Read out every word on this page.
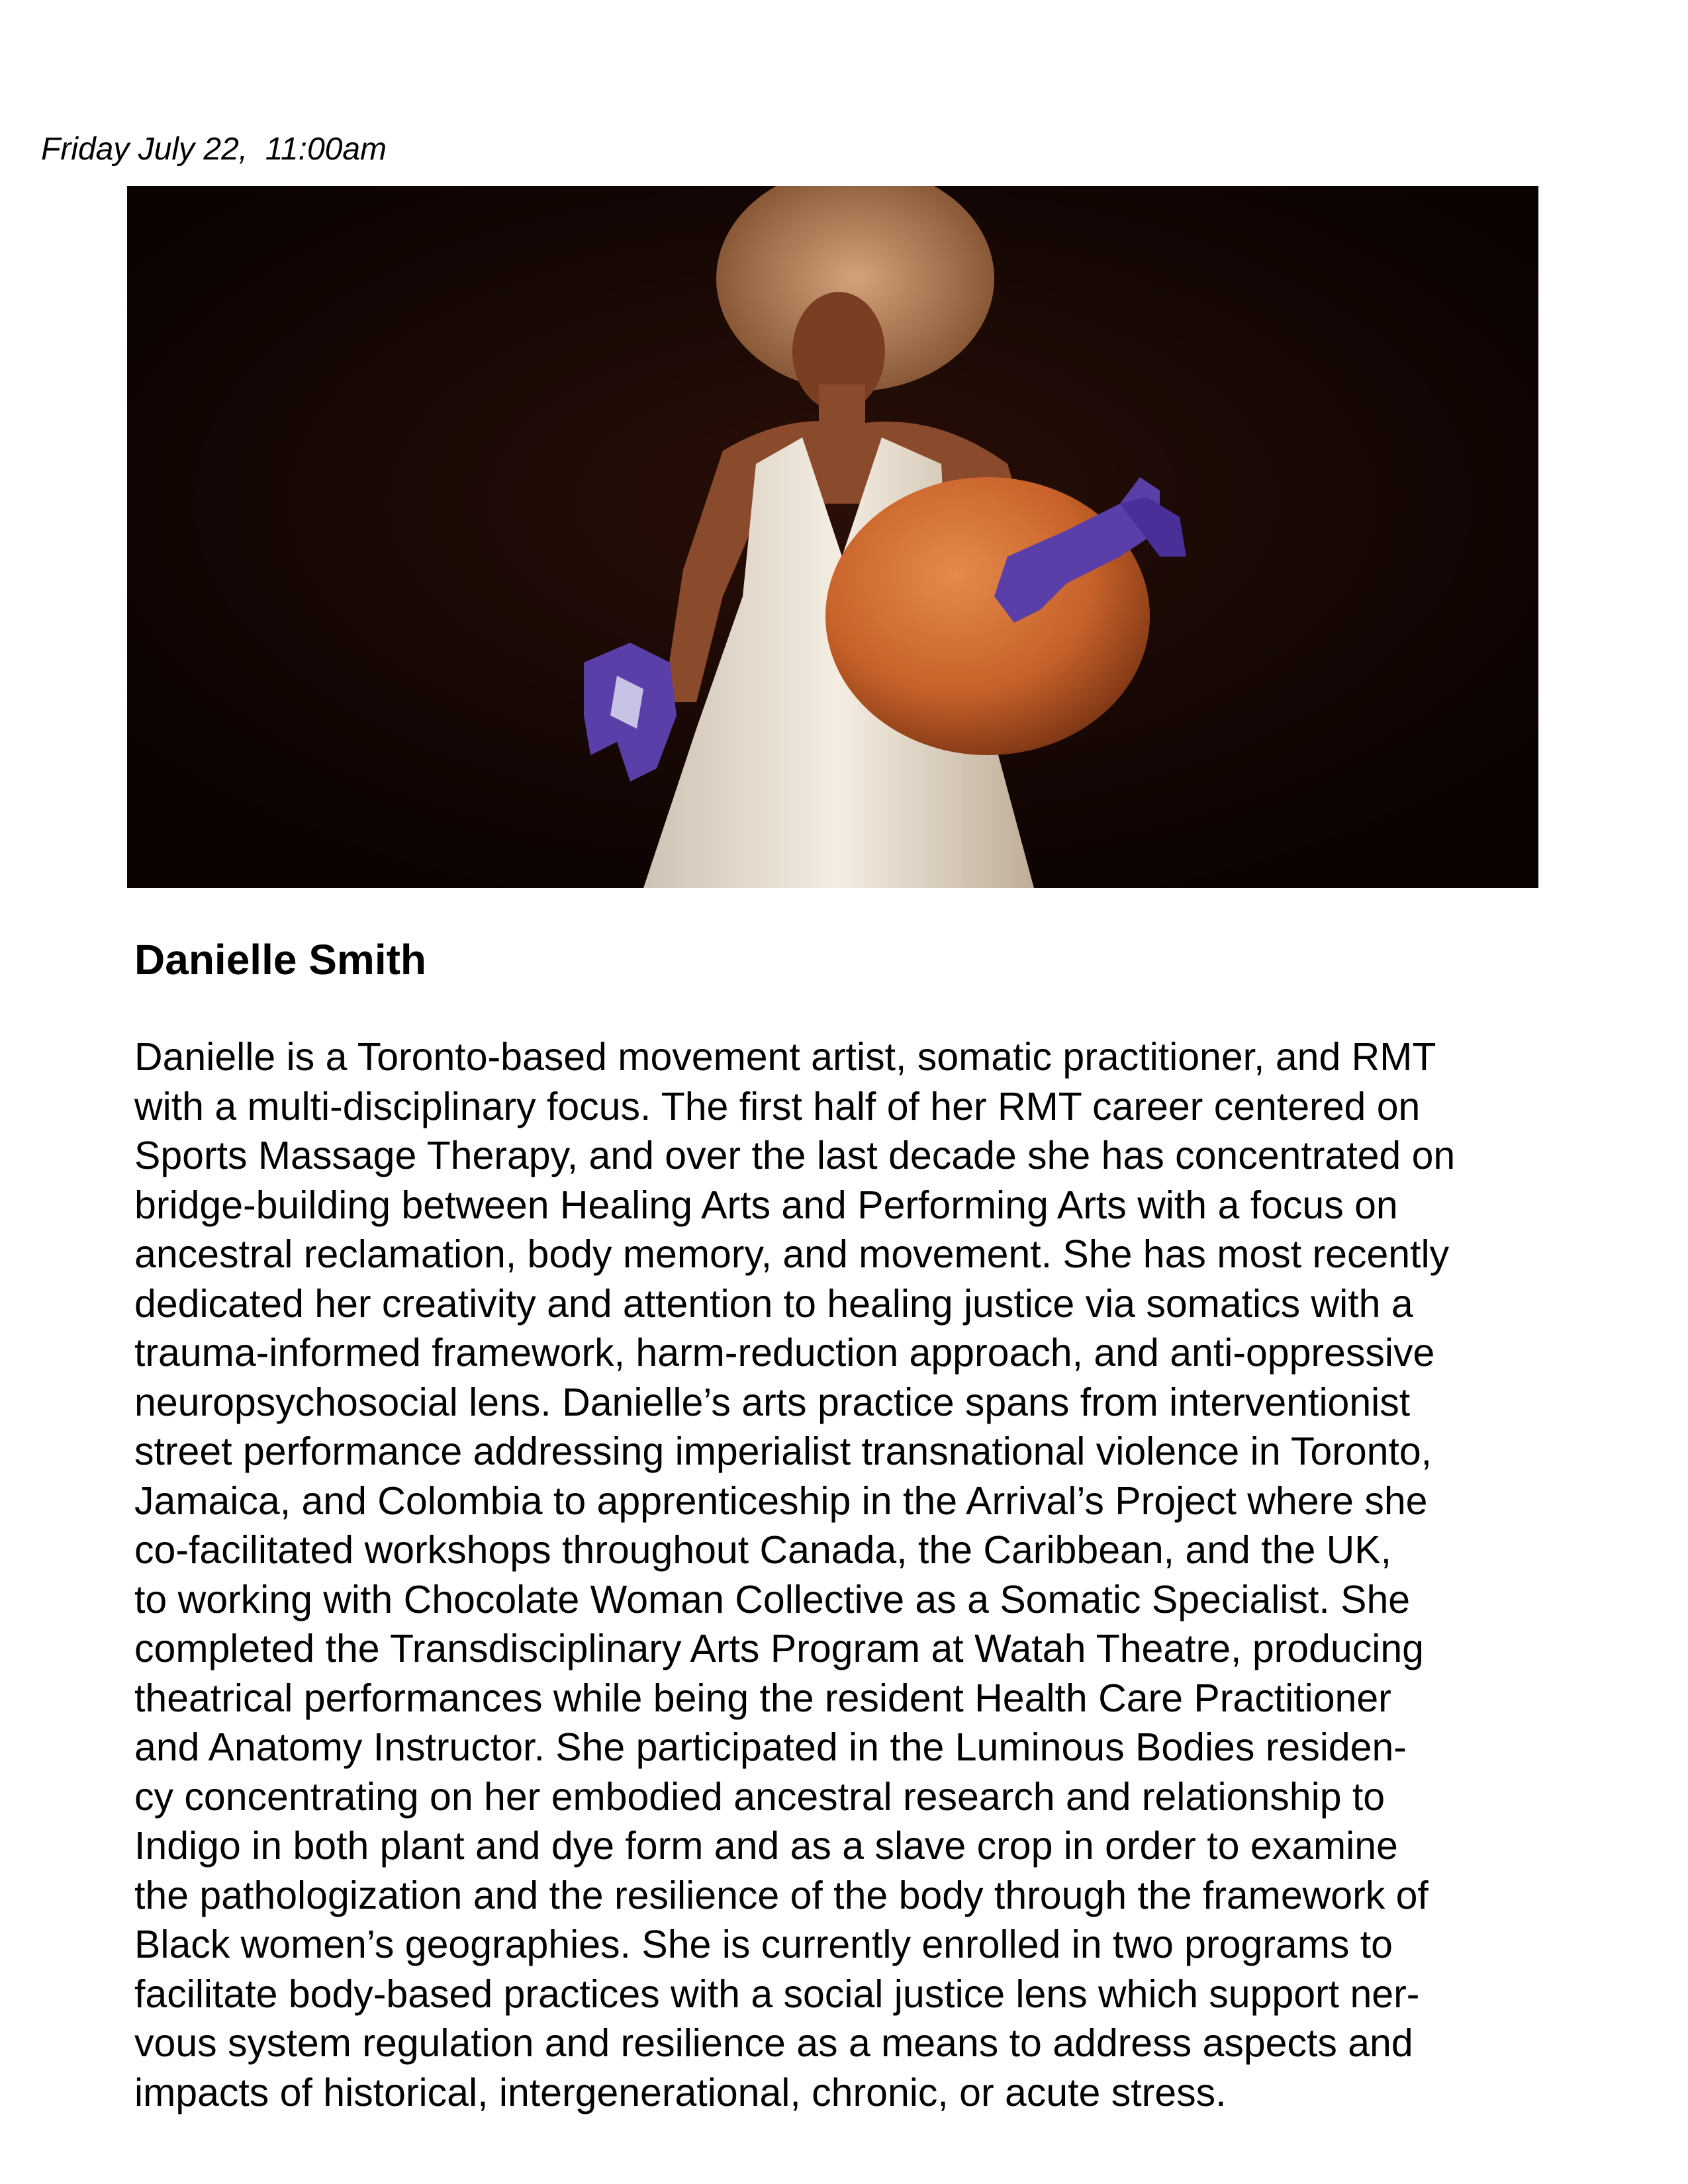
Friday July 22,  11:00am
Danielle Smith
Danielle is a Toronto-based movement artist, somatic practitioner, and RMT
with a multi-disciplinary focus. The first half of her RMT career centered on
Sports Massage Therapy, and over the last decade she has concentrated on
bridge-building between Healing Arts and Performing Arts with a focus on
ancestral reclamation, body memory, and movement. She has most recently
dedicated her creativity and attention to healing justice via somatics with a
trauma-informed framework, harm-reduction approach, and anti-oppressive
neuropsychosocial lens. Danielle’s arts practice spans from interventionist
street performance addressing imperialist transnational violence in Toronto,
Jamaica, and Colombia to apprenticeship in the Arrival’s Project where she
co-facilitated workshops throughout Canada, the Caribbean, and the UK,
to working with Chocolate Woman Collective as a Somatic Specialist. She
completed the Transdisciplinary Arts Program at Watah Theatre, producing
theatrical performances while being the resident Health Care Practitioner
and Anatomy Instructor. She participated in the Luminous Bodies residen-
cy concentrating on her embodied ancestral research and relationship to
Indigo in both plant and dye form and as a slave crop in order to examine
the pathologization and the resilience of the body through the framework of
Black women’s geographies. She is currently enrolled in two programs to
facilitate body-based practices with a social justice lens which support ner-
vous system regulation and resilience as a means to address aspects and
impacts of historical, intergenerational, chronic, or acute stress.
